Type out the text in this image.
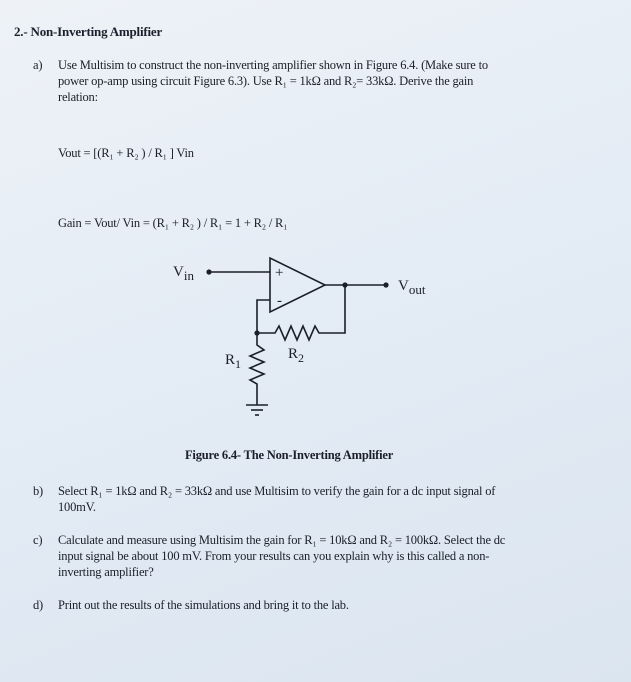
2.- Non-Inverting Amplifier
a) Use Multisim to construct the non-inverting amplifier shown in Figure 6.4. (Make sure to
power op-amp using circuit Figure 6.3). Use R₁ = 1kΩ and R₂= 33kΩ. Derive the gain
relation:
Vout = [(R₁ + R₂ ) / R₁ ] Vin
Gain = Vout/ Vin = (R₁ + R₂ ) / R₁ = 1 + R₂ / R₁
Vin
Vout
+
-
$R_1$
$R_2$
Figure 6.4- The Non-Inverting Amplifier
b) Select R₁ = 1kΩ and R₂ = 33kΩ and use Multisim to verify the gain for a dc input signal of
100mV.
c) Calculate and measure using Multisim the gain for R₁ = 10kΩ and R₂ = 100kΩ. Select the dc
input signal be about 100 mV. From your results can you explain why is this called a non-
inverting amplifier?
d) Print out the results of the simulations and bring it to the lab.
